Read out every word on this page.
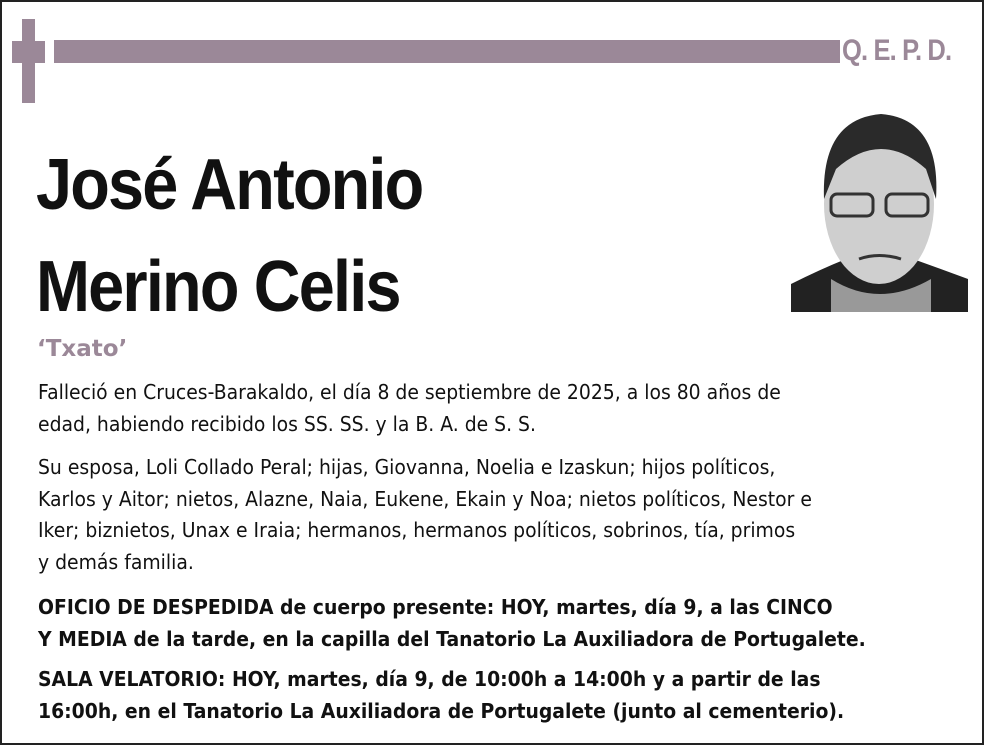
Q. E. P. D.
José Antonio
Merino Celis
‘Txato’
Falleció en Cruces-Barakaldo, el día 8 de septiembre de 2025, a los 80 años de
edad, habiendo recibido los SS. SS. y la B. A. de S. S.
Su esposa, Loli Collado Peral; hijas, Giovanna, Noelia e Izaskun; hijos políticos,
Karlos y Aitor; nietos, Alazne, Naia, Eukene, Ekain y Noa; nietos políticos, Nestor e
Iker; biznietos, Unax e Iraia; hermanos, hermanos políticos, sobrinos, tía, primos
y demás familia.
OFICIO DE DESPEDIDA de cuerpo presente: HOY, martes, día 9, a las CINCO
Y MEDIA de la tarde, en la capilla del Tanatorio La Auxiliadora de Portugalete.
SALA VELATORIO: HOY, martes, día 9, de 10:00h a 14:00h y a partir de las
16:00h, en el Tanatorio La Auxiliadora de Portugalete (junto al cementerio).
